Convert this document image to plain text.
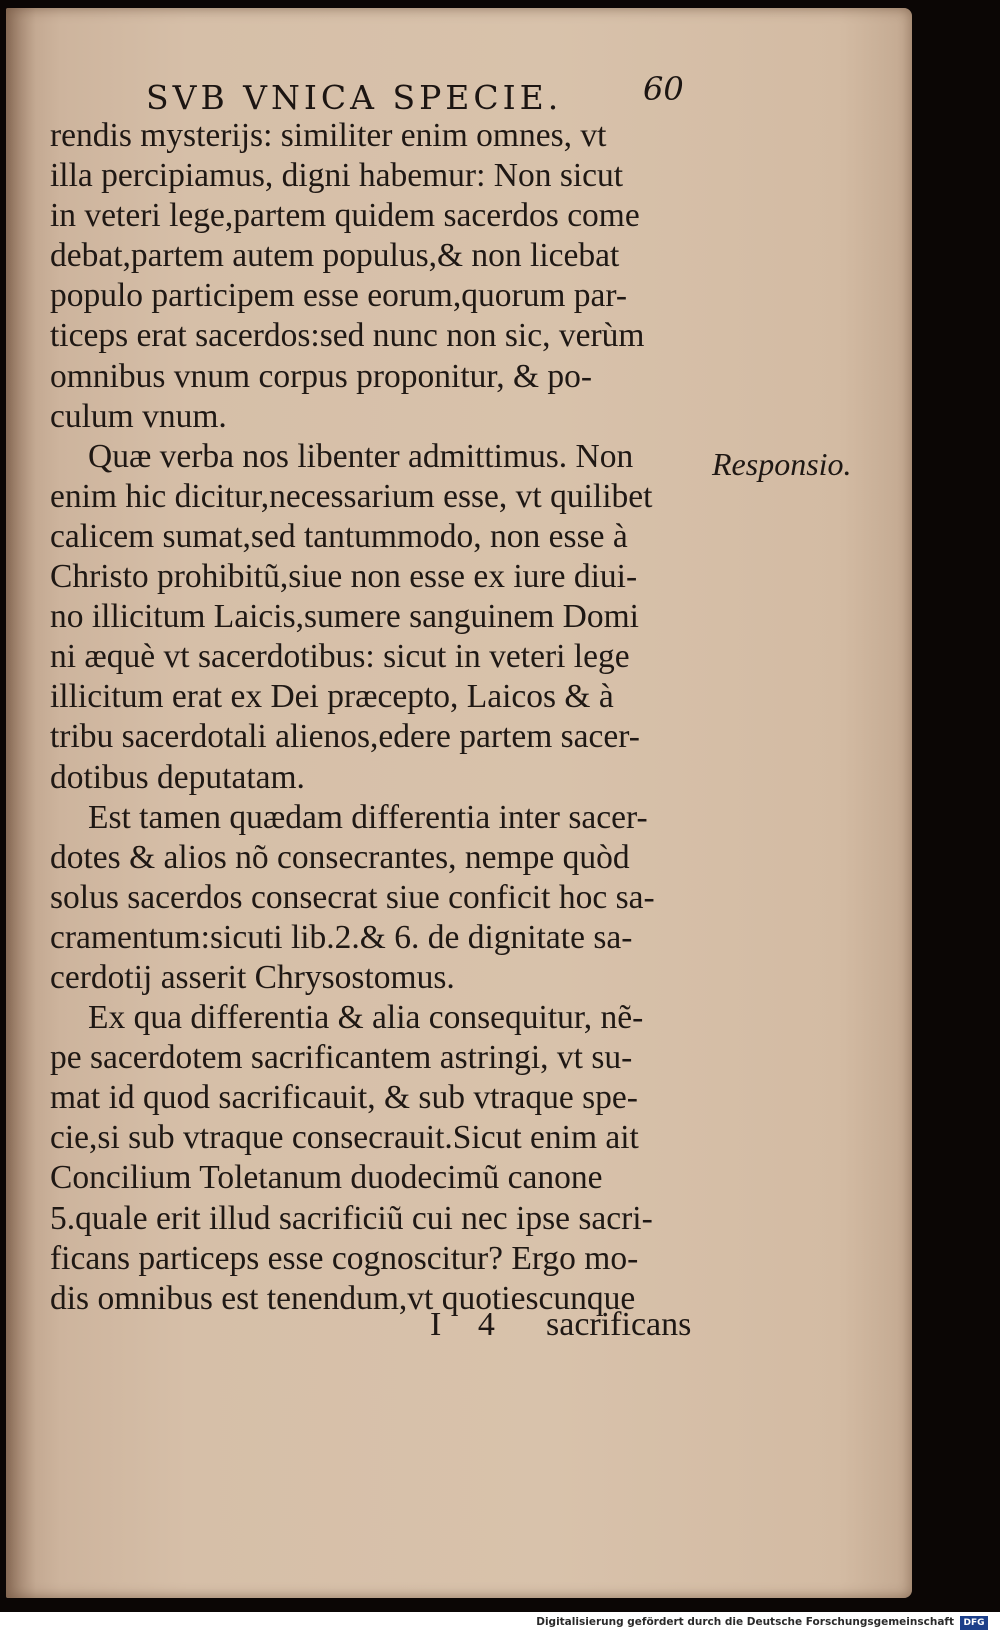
SVB VNICA SPECIE.	60
rendis mysterijs: similiter enim omnes, vt
illa percipiamus, digni habemur: Non sicut
in veteri lege,partem quidem sacerdos come
debat,partem autem populus,& non licebat
populo participem esse eorum,quorum par-
ticeps erat sacerdos:sed nunc non sic, verùm
omnibus vnum corpus proponitur, & po-
culum vnum.
Quæ verba nos libenter admittimus. Non
enim hic dicitur,necessarium esse, vt quilibet
calicem sumat,sed tantummodo, non esse à
Christo prohibitũ,siue non esse ex iure diui-
no illicitum Laicis,sumere sanguinem Domi
ni æquè vt sacerdotibus: sicut in veteri lege
illicitum erat ex Dei præcepto, Laicos & à
tribu sacerdotali alienos,edere partem sacer-
dotibus deputatam.
Est tamen quædam differentia inter sacer-
dotes & alios nõ consecrantes, nempe quòd
solus sacerdos consecrat siue conficit hoc sa-
cramentum:sicuti lib.2.& 6. de dignitate sa-
cerdotij asserit Chrysostomus.
Ex qua differentia & alia consequitur, nẽ-
pe sacerdotem sacrificantem astringi, vt su-
mat id quod sacrificauit, & sub vtraque spe-
cie,si sub vtraque consecrauit.Sicut enim ait
Concilium Toletanum duodecimũ canone
5.quale erit illud sacrificiũ cui nec ipse sacri-
ficans particeps esse cognoscitur? Ergo mo-
dis omnibus est tenendum,vt quotiescunque
Responsio.
I 4 sacrificans
Digitalisierung gefördert durch die Deutsche Forschungsgemeinschaft	DFG
